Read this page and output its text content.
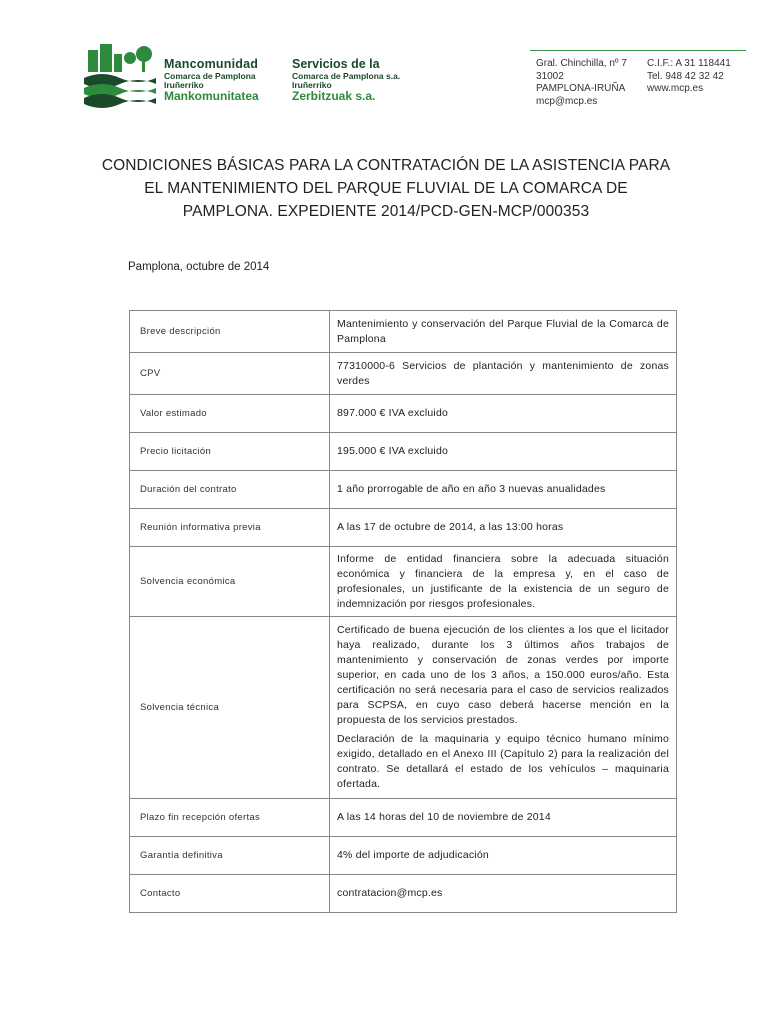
Mancomunidad
Comarca de Pamplona
Iruñerriko
Mankomunitatea
Servicios de la
Comarca de Pamplona s.a.
Iruñerriko
Zerbitzuak s.a.
Gral. Chinchilla, nº 7
31002
PAMPLONA-IRUÑA
mcp@mcp.es
C.I.F.: A 31 118441
Tel. 948 42 32 42
www.mcp.es
CONDICIONES BÁSICAS PARA LA CONTRATACIÓN DE LA ASISTENCIA PARA EL MANTENIMIENTO DEL PARQUE FLUVIAL DE LA COMARCA DE PAMPLONA. EXPEDIENTE 2014/PCD-GEN-MCP/000353
Pamplona, octubre de 2014
Breve descripción	Mantenimiento y conservación del Parque Fluvial de la Comarca de Pamplona
CPV	77310000-6 Servicios de plantación y mantenimiento de zonas verdes
Valor estimado	897.000 € IVA excluido
Precio licitación	195.000 € IVA excluido
Duración del contrato	1 año prorrogable de año en año 3 nuevas anualidades
Reunión informativa previa	A las 17 de octubre de 2014, a las 13:00 horas
Solvencia económica	Informe de entidad financiera sobre la adecuada situación económica y financiera de la empresa y, en el caso de profesionales, un justificante de la existencia de un seguro de indemnización por riesgos profesionales.
Solvencia técnica	Certificado de buena ejecución de los clientes a los que el licitador haya realizado, durante los 3 últimos años trabajos de mantenimiento y conservación de zonas verdes por importe superior, en cada uno de los 3 años, a 150.000 euros/año. Esta certificación no será necesaria para el caso de servicios realizados para SCPSA, en cuyo caso deberá hacerse mención en la propuesta de los servicios prestados.

Declaración de la maquinaria y equipo técnico humano mínimo exigido, detallado en el Anexo III (Capítulo 2) para la realización del contrato. Se detallará el estado de los vehículos – maquinaria ofertada.

Plazo fin recepción ofertas	A las 14 horas del 10 de noviembre de 2014
Garantía definitiva	4% del importe de adjudicación
Contacto	contratacion@mcp.es
